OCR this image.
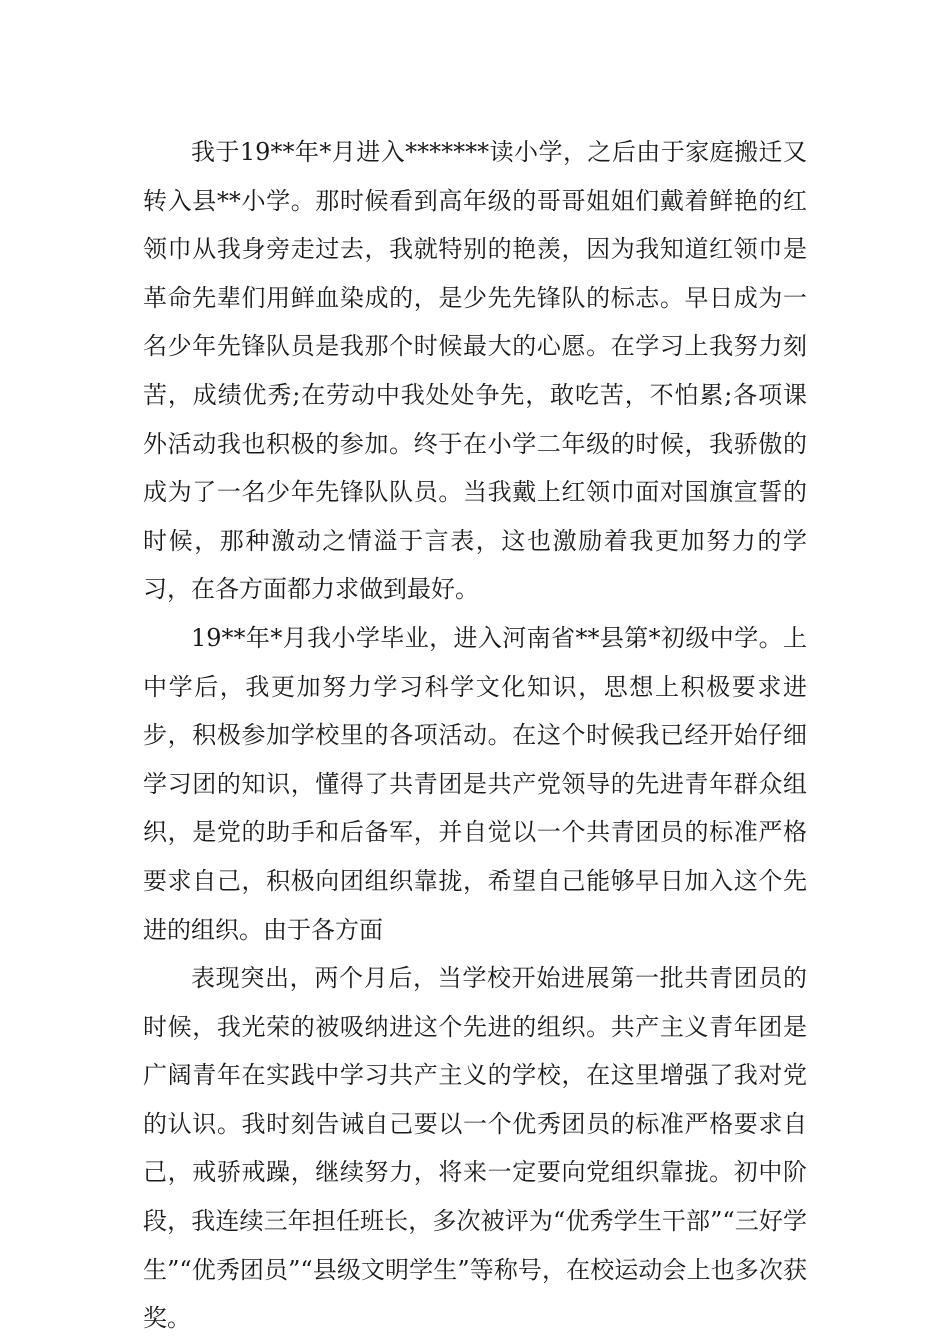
我于19**年*月进入*******读小学，之后由于家庭搬迁又转入县**小学。那时候看到高年级的哥哥姐姐们戴着鲜艳的红领巾从我身旁走过去，我就特别的艳羡，因为我知道红领巾是革命先辈们用鲜血染成的，是少先先锋队的标志。早日成为一名少年先锋队员是我那个时候最大的心愿。在学习上我努力刻苦，成绩优秀;在劳动中我处处争先，敢吃苦，不怕累;各项课外活动我也积极的参加。终于在小学二年级的时候，我骄傲的成为了一名少年先锋队队员。当我戴上红领巾面对国旗宣誓的时候，那种激动之情溢于言表，这也激励着我更加努力的学习，在各方面都力求做到最好。

19**年*月我小学毕业，进入河南省**县第*初级中学。上中学后，我更加努力学习科学文化知识，思想上积极要求进步，积极参加学校里的各项活动。在这个时候我已经开始仔细学习团的知识，懂得了共青团是共产党领导的先进青年群众组织，是党的助手和后备军，并自觉以一个共青团员的标准严格要求自己，积极向团组织靠拢，希望自己能够早日加入这个先进的组织。由于各方面

表现突出，两个月后，当学校开始进展第一批共青团员的时候，我光荣的被吸纳进这个先进的组织。共产主义青年团是广阔青年在实践中学习共产主义的学校，在这里增强了我对党的认识。我时刻告诫自己要以一个优秀团员的标准严格要求自己，戒骄戒躁，继续努力，将来一定要向党组织靠拢。初中阶段，我连续三年担任班长，多次被评为“优秀学生干部”“三好学生”“优秀团员”“县级文明学生”等称号，在校运动会上也多次获奖。
